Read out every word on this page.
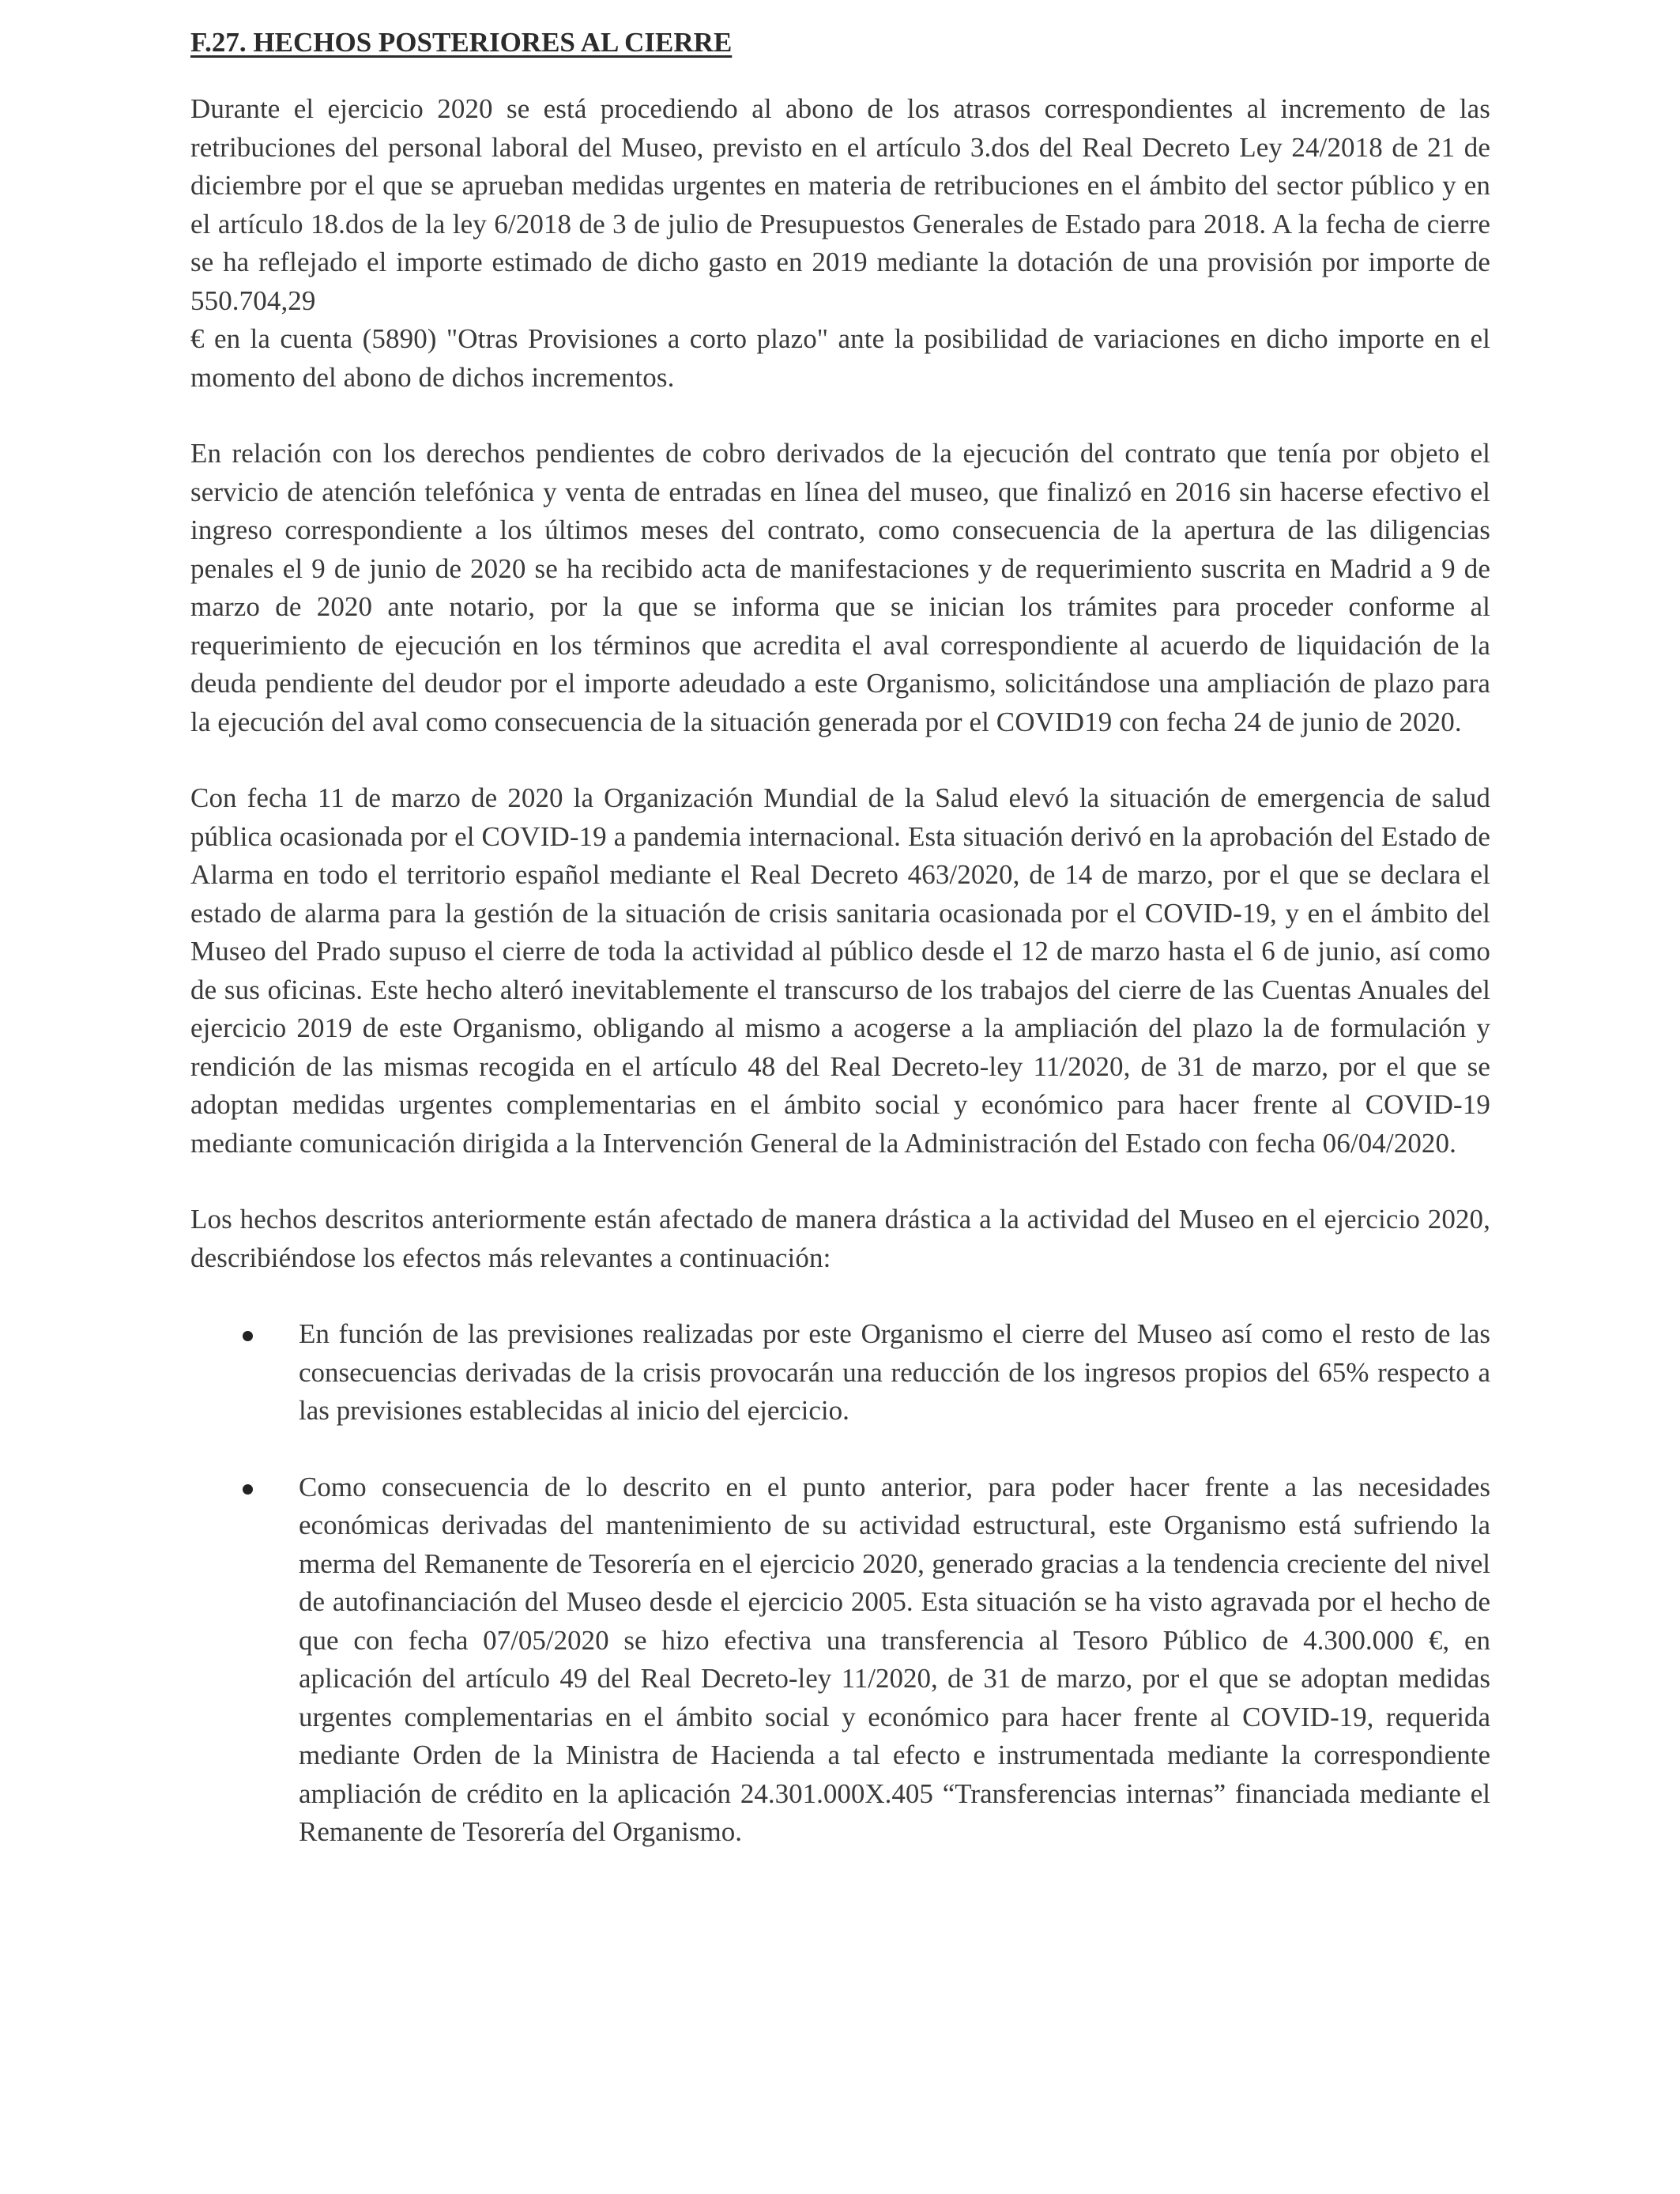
F.27. HECHOS POSTERIORES AL CIERRE
Durante el ejercicio 2020 se está procediendo al abono de los atrasos correspondientes al incremento de las retribuciones del personal laboral del Museo, previsto en el artículo 3.dos del Real Decreto Ley 24/2018 de 21 de diciembre por el que se aprueban medidas urgentes en materia de retribuciones en el ámbito del sector público y en el artículo 18.dos de la ley 6/2018 de 3 de julio de Presupuestos Generales de Estado para 2018. A la fecha de cierre se ha reflejado el importe estimado de dicho gasto en 2019 mediante la dotación de una provisión por importe de 550.704,29
€ en la cuenta (5890) "Otras Provisiones a corto plazo" ante la posibilidad de variaciones en dicho importe en el momento del abono de dichos incrementos.

En relación con los derechos pendientes de cobro derivados de la ejecución del contrato que tenía por objeto el servicio de atención telefónica y venta de entradas en línea del museo, que finalizó en 2016 sin hacerse efectivo el ingreso correspondiente a los últimos meses del contrato, como consecuencia de la apertura de las diligencias penales el 9 de junio de 2020 se ha recibido acta de manifestaciones y de requerimiento suscrita en Madrid a 9 de marzo de 2020 ante notario, por la que se informa que se inician los trámites para proceder conforme al requerimiento de ejecución en los términos que acredita el aval correspondiente al acuerdo de liquidación de la deuda pendiente del deudor por el importe adeudado a este Organismo, solicitándose una ampliación de plazo para la ejecución del aval como consecuencia de la situación generada por el COVID19 con fecha 24 de junio de 2020.

Con fecha 11 de marzo de 2020 la Organización Mundial de la Salud elevó la situación de emergencia de salud pública ocasionada por el COVID-19 a pandemia internacional. Esta situación derivó en la aprobación del Estado de Alarma en todo el territorio español mediante el Real Decreto 463/2020, de 14 de marzo, por el que se declara el estado de alarma para la gestión de la situación de crisis sanitaria ocasionada por el COVID-19, y en el ámbito del Museo del Prado supuso el cierre de toda la actividad al público desde el 12 de marzo hasta el 6 de junio, así como de sus oficinas. Este hecho alteró inevitablemente el transcurso de los trabajos del cierre de las Cuentas Anuales del ejercicio 2019 de este Organismo, obligando al mismo a acogerse a la ampliación del plazo la de formulación y rendición de las mismas recogida en el artículo 48 del Real Decreto-ley 11/2020, de 31 de marzo, por el que se adoptan medidas urgentes complementarias en el ámbito social y económico para hacer frente al COVID-19 mediante comunicación dirigida a la Intervención General de la Administración del Estado con fecha 06/04/2020.

Los hechos descritos anteriormente están afectado de manera drástica a la actividad del Museo en el ejercicio 2020, describiéndose los efectos más relevantes a continuación:

En función de las previsiones realizadas por este Organismo el cierre del Museo así como el resto de las consecuencias derivadas de la crisis provocarán una reducción de los ingresos propios del 65% respecto a las previsiones establecidas al inicio del ejercicio.
Como consecuencia de lo descrito en el punto anterior, para poder hacer frente a las necesidades económicas derivadas del mantenimiento de su actividad estructural, este Organismo está sufriendo la merma del Remanente de Tesorería en el ejercicio 2020, generado gracias a la tendencia creciente del nivel de autofinanciación del Museo desde el ejercicio 2005. Esta situación se ha visto agravada por el hecho de que con fecha 07/05/2020 se hizo efectiva una transferencia al Tesoro Público de 4.300.000 €, en aplicación del artículo 49 del Real Decreto-ley 11/2020, de 31 de marzo, por el que se adoptan medidas urgentes complementarias en el ámbito social y económico para hacer frente al COVID-19, requerida mediante Orden de la Ministra de Hacienda a tal efecto e instrumentada mediante la correspondiente ampliación de crédito en la aplicación 24.301.000X.405 “Transferencias internas” financiada mediante el Remanente de Tesorería del Organismo.
